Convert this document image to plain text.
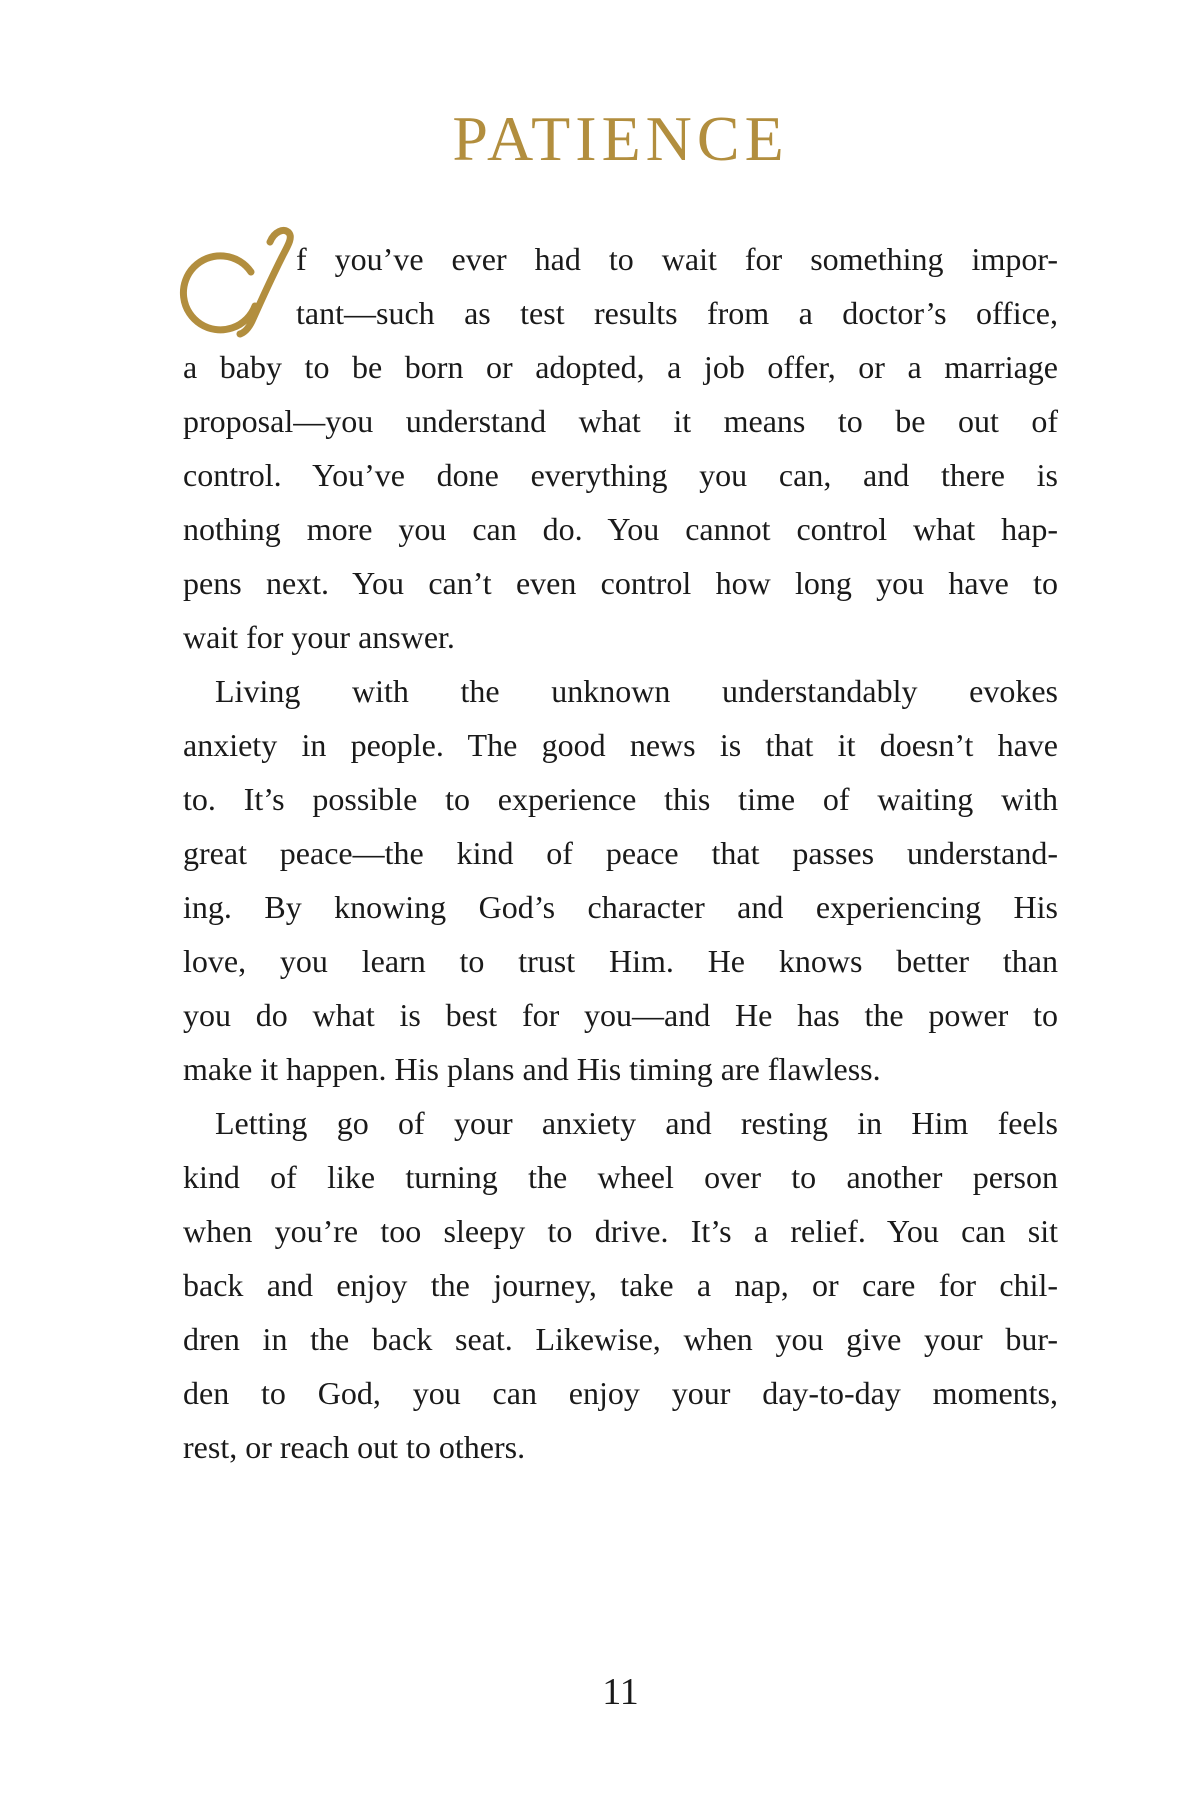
PATIENCE
f you’ve ever had to wait for something impor-
tant—such as test results from a doctor’s office,
a baby to be born or adopted, a job offer, or a marriage
proposal—you understand what it means to be out of
control. You’ve done everything you can, and there is
nothing more you can do. You cannot control what hap-
pens next. You can’t even control how long you have to
wait for your answer.
Living with the unknown understandably evokes
anxiety in people. The good news is that it doesn’t have
to. It’s possible to experience this time of waiting with
great peace—the kind of peace that passes understand-
ing. By knowing God’s character and experiencing His
love, you learn to trust Him. He knows better than
you do what is best for you—and He has the power to
make it happen. His plans and His timing are flawless.
Letting go of your anxiety and resting in Him feels
kind of like turning the wheel over to another person
when you’re too sleepy to drive. It’s a relief. You can sit
back and enjoy the journey, take a nap, or care for chil-
dren in the back seat. Likewise, when you give your bur-
den to God, you can enjoy your day-to-day moments,
rest, or reach out to others.
11
